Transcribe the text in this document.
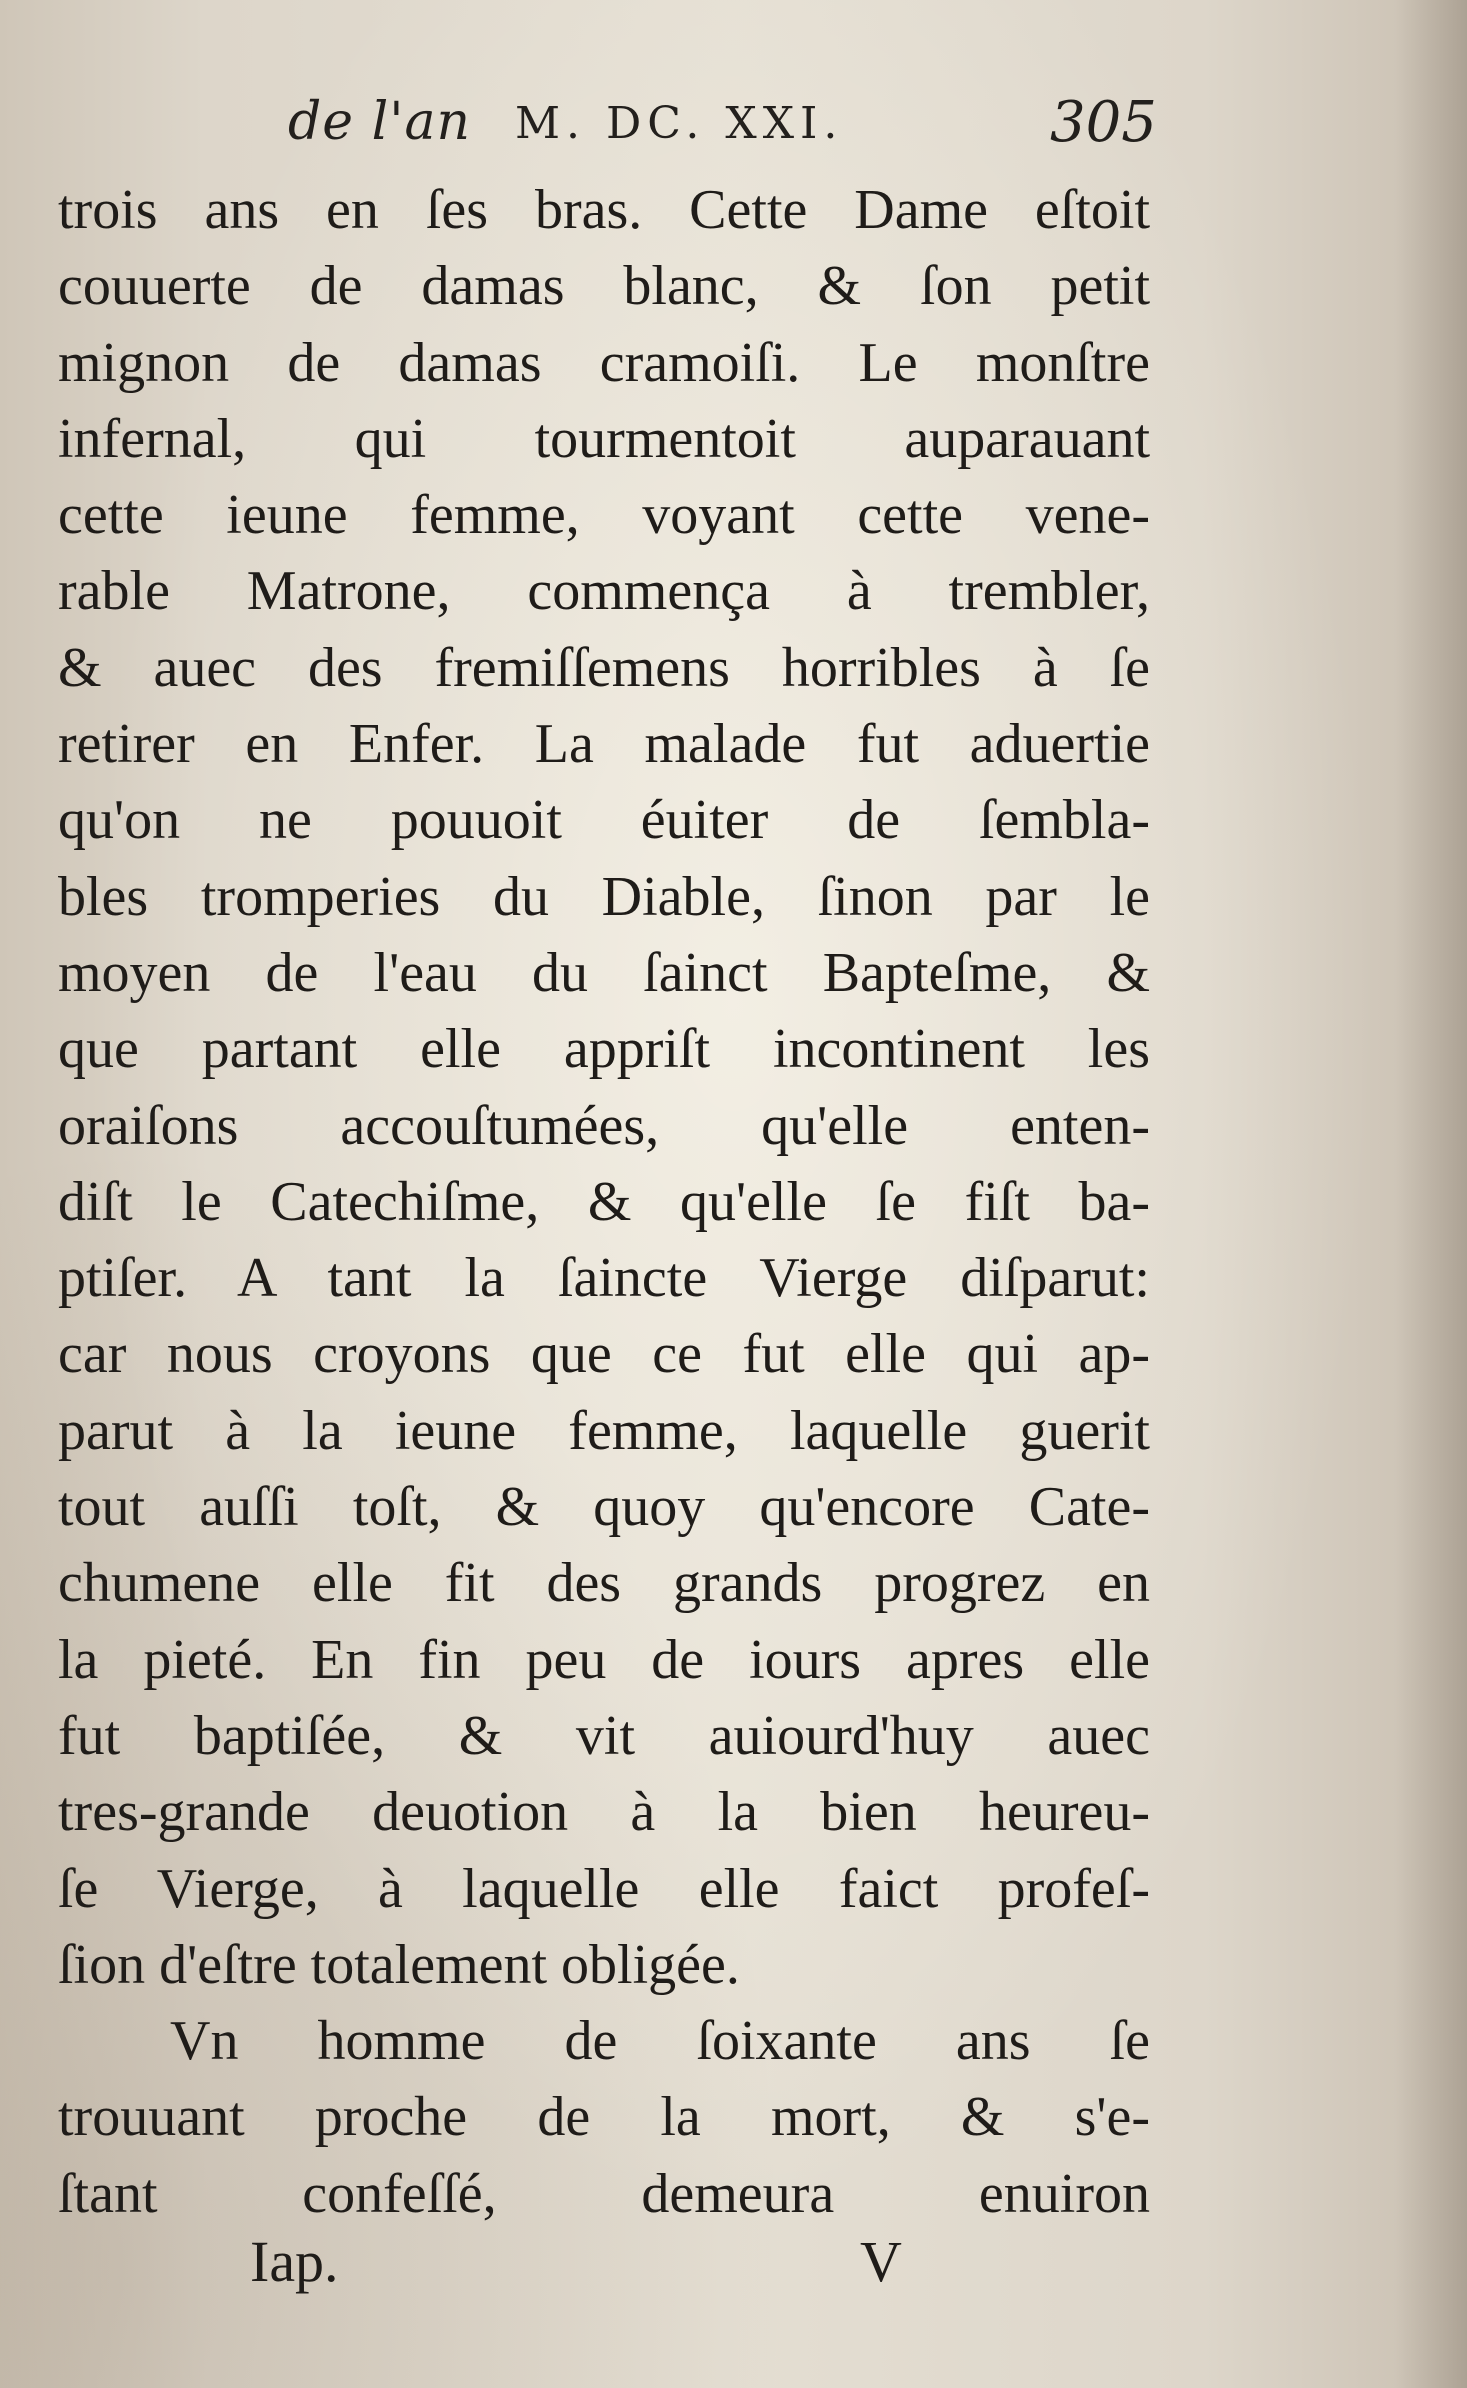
de l'an M. DC. XXI.	305
trois ans en ſes bras. Cette Dame eſtoit
couuerte de damas blanc, & ſon petit
mignon de damas cramoiſi. Le monſtre
infernal, qui tourmentoit auparauant
cette ieune femme, voyant cette vene-
rable Matrone, commença à trembler,
& auec des fremiſſemens horribles à ſe
retirer en Enfer. La malade fut aduertie
qu'on ne pouuoit éuiter de ſembla-
bles tromperies du Diable, ſinon par le
moyen de l'eau du ſainct Bapteſme, &
que partant elle appriſt incontinent les
oraiſons accouſtumées, qu'elle enten-
diſt le Catechiſme, & qu'elle ſe fiſt ba-
ptiſer. A tant la ſaincte Vierge diſparut:
car nous croyons que ce fut elle qui ap-
parut à la ieune femme, laquelle guerit
tout auſſi toſt, & quoy qu'encore Cate-
chumene elle fit des grands progrez en
la pieté. En fin peu de iours apres elle
fut baptiſée, & vit auiourd'huy auec
tres-grande deuotion à la bien heureu-
ſe Vierge, à laquelle elle faict profeſ-
ſion d'eſtre totalement obligée.
Vn homme de ſoixante ans ſe
trouuant proche de la mort, & s'e-
ſtant confeſſé, demeura enuiron
Iap.	V
